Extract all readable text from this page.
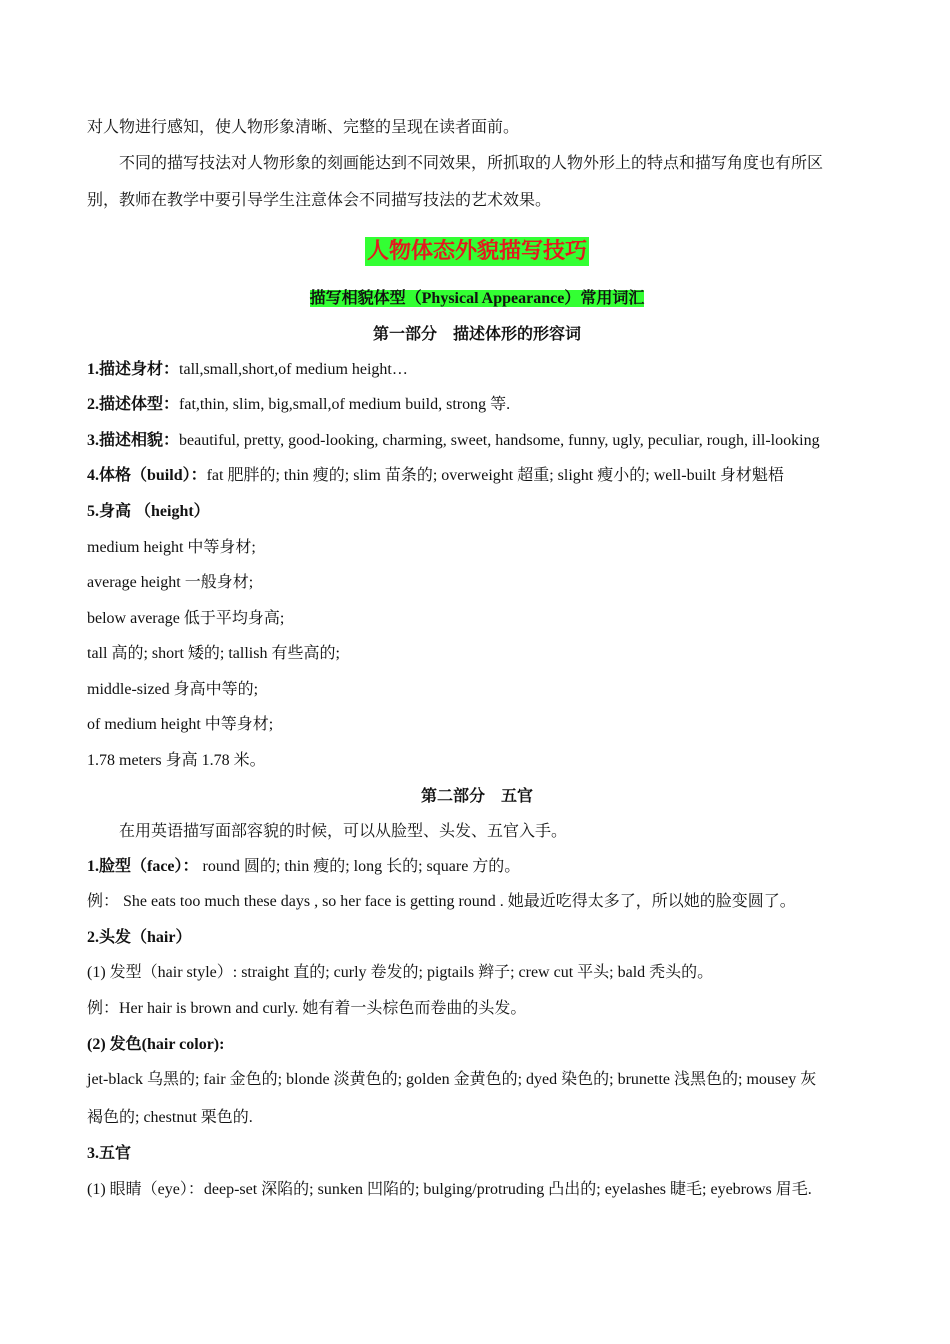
对人物进行感知，使人物形象清晰、完整的呈现在读者面前。
不同的描写技法对人物形象的刻画能达到不同效果，所抓取的人物外形上的特点和描写角度也有所区
别，教师在教学中要引导学生注意体会不同描写技法的艺术效果。
人物体态外貌描写技巧
描写相貌体型（Physical Appearance）常用词汇
第一部分　描述体形的形容词
1.描述身材：tall,small,short,of medium height…
2.描述体型：fat,thin, slim, big,small,of medium build, strong 等.
3.描述相貌：beautiful, pretty, good-looking, charming, sweet, handsome, funny, ugly, peculiar, rough, ill-looking
4.体格（build）：fat 肥胖的; thin 瘦的; slim 苗条的; overweight 超重; slight 瘦小的; well-built 身材魁梧
5.身高 （height）
medium height 中等身材;
average height 一般身材;
below average 低于平均身高;
tall 高的; short 矮的; tallish 有些高的;
middle-sized 身高中等的;
of medium height 中等身材;
1.78 meters 身高 1.78 米。
第二部分　五官
在用英语描写面部容貌的时候，可以从脸型、头发、五官入手。
1.脸型（face）： round 圆的; thin 瘦的; long 长的; square 方的。
例： She eats too much these days , so her face is getting round . 她最近吃得太多了，所以她的脸变圆了。
2.头发（hair）
(1) 发型（hair style）: straight 直的; curly 卷发的; pigtails 辫子; crew cut 平头; bald 秃头的。
例：Her hair is brown and curly. 她有着一头棕色而卷曲的头发。
(2) 发色(hair color):
jet-black 乌黑的; fair 金色的; blonde 淡黄色的; golden 金黄色的; dyed 染色的; brunette 浅黑色的; mousey 灰
褐色的; chestnut 栗色的.
3.五官
(1) 眼睛（eye）：deep-set 深陷的; sunken 凹陷的; bulging/protruding 凸出的; eyelashes 睫毛; eyebrows 眉毛.
